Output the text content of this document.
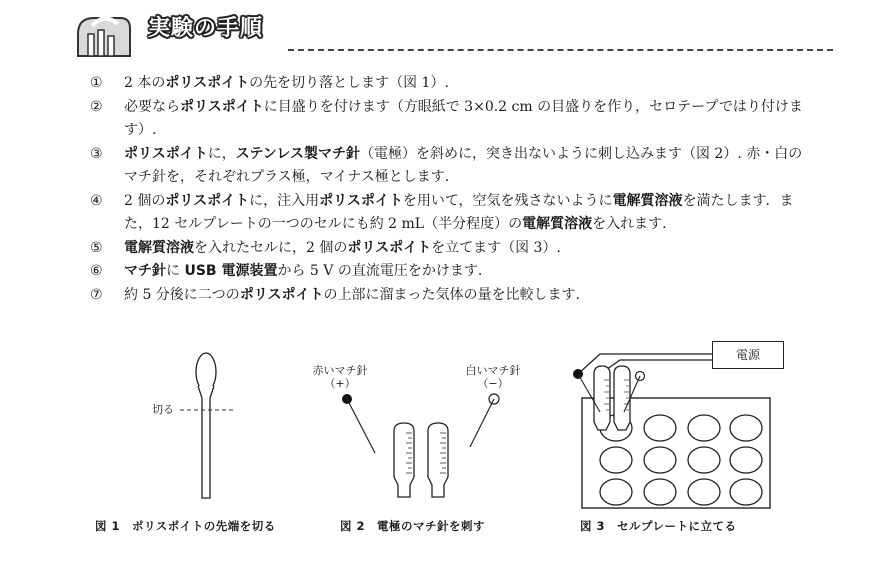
実験の手順

①	2 本のポリスポイトの先を切り落とします（図 1）.

②	必要ならポリスポイトに目盛りを付けます（方眼紙で 3×0.2 cm の目盛りを作り，セロテープではり付けます）.

③	ポリスポイトに，ステンレス製マチ針（電極）を斜めに，突き出ないように刺し込みます（図 2）. 赤・白のマチ針を，それぞれプラス極，マイナス極とします.

④	2 個のポリスポイトに，注入用ポリスポイトを用いて，空気を残さないように電解質溶液を満たします．また，12 セルプレートの一つのセルにも約 2 mL（半分程度）の電解質溶液を入れます.

⑤	電解質溶液を入れたセルに，2 個のポリスポイトを立てます（図 3）.

⑥	マチ針に USB 電源装置から 5 V の直流電圧をかけます.

⑦	約 5 分後に二つのポリスポイトの上部に溜まった気体の量を比較します.

切る
図 1　ポリスポイトの先端を切る
赤いマチ針
（+）
白いマチ針
（−）
図 2　電極のマチ針を刺す
電源
図 3　セルプレートに立てる
